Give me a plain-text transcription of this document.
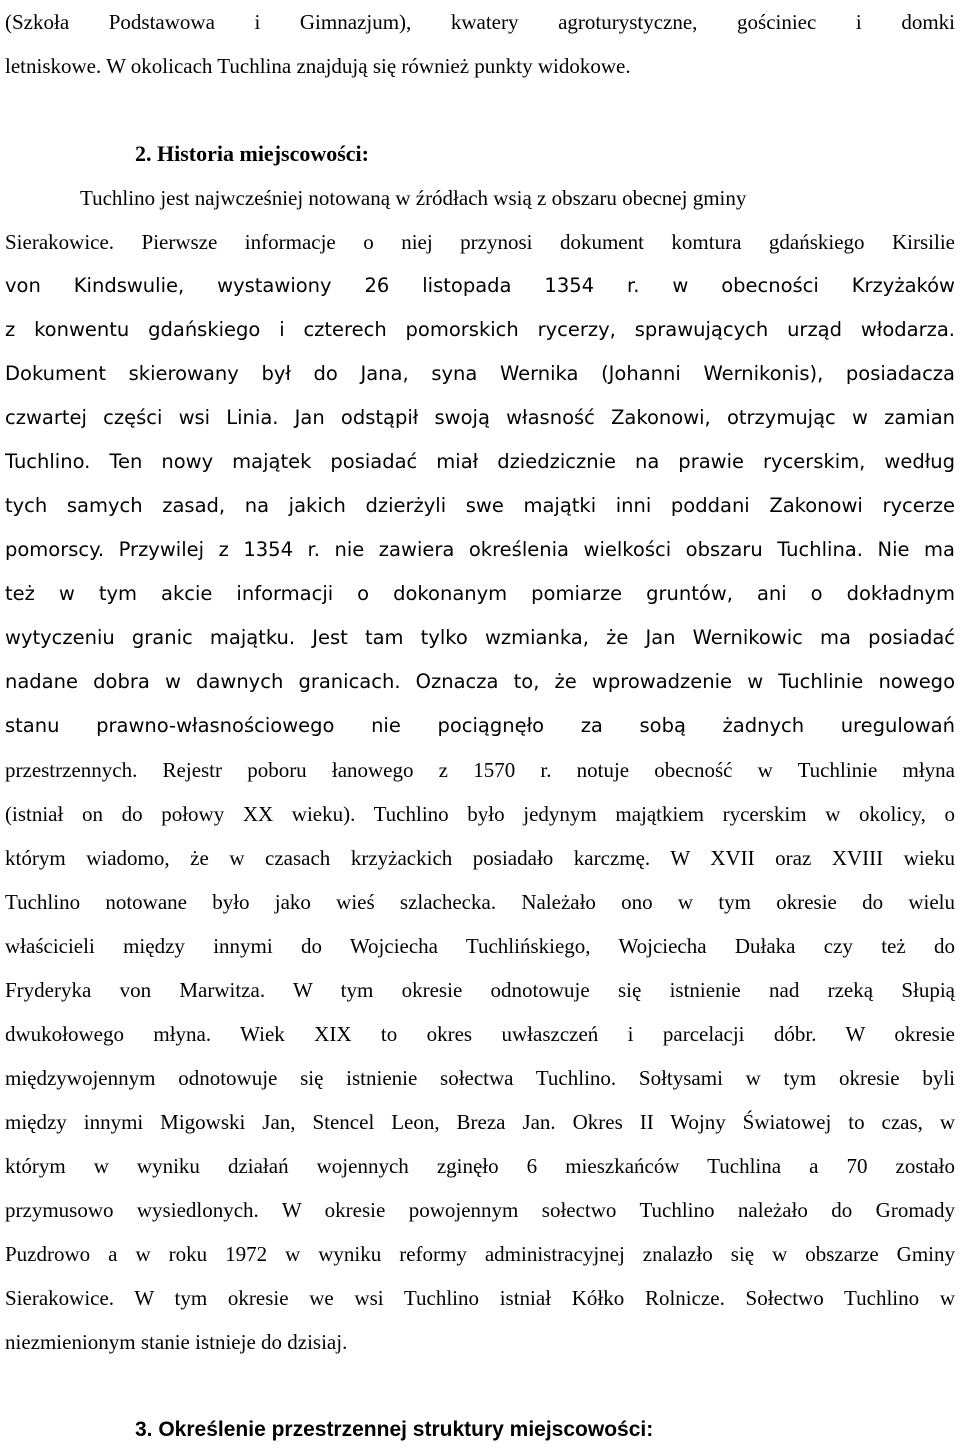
(Szkoła Podstawowa i Gimnazjum), kwatery agroturystyczne, gościniec i domki
letniskowe. W okolicach Tuchlina znajdują się również punkty widokowe.
2. Historia miejscowości:
Tuchlino jest najwcześniej notowaną w źródłach wsią z obszaru obecnej gminy
Sierakowice. Pierwsze informacje o niej przynosi dokument komtura gdańskiego Kirsilie
von Kindswulie, wystawiony 26 listopada 1354 r. w obecności Krzyżaków
z konwentu gdańskiego i czterech pomorskich rycerzy, sprawujących urząd włodarza.
Dokument skierowany był do Jana, syna Wernika (Johanni Wernikonis), posiadacza
czwartej części wsi Linia. Jan odstąpił swoją własność Zakonowi, otrzymując w zamian
Tuchlino. Ten nowy majątek posiadać miał dziedzicznie na prawie rycerskim, według
tych samych zasad, na jakich dzierżyli swe majątki inni poddani Zakonowi rycerze
pomorscy. Przywilej z 1354 r. nie zawiera określenia wielkości obszaru Tuchlina. Nie ma
też w tym akcie informacji o dokonanym pomiarze gruntów, ani o dokładnym
wytyczeniu granic majątku. Jest tam tylko wzmianka, że Jan Wernikowic ma posiadać
nadane dobra w dawnych granicach. Oznacza to, że wprowadzenie w Tuchlinie nowego
stanu prawno-własnościowego nie pociągnęło za sobą żadnych uregulowań
przestrzennych. Rejestr poboru łanowego z 1570 r. notuje obecność w Tuchlinie młyna
(istniał on do połowy XX wieku). Tuchlino było jedynym majątkiem rycerskim w okolicy, o
którym wiadomo, że w czasach krzyżackich posiadało karczmę. W XVII oraz XVIII wieku
Tuchlino notowane było jako wieś szlachecka. Należało ono w tym okresie do wielu
właścicieli między innymi do Wojciecha Tuchlińskiego, Wojciecha Dułaka czy też do
Fryderyka von Marwitza. W tym okresie odnotowuje się istnienie nad rzeką Słupią
dwukołowego młyna. Wiek XIX to okres uwłaszczeń i parcelacji dóbr. W okresie
międzywojennym odnotowuje się istnienie sołectwa Tuchlino. Sołtysami w tym okresie byli
między innymi Migowski Jan, Stencel Leon, Breza Jan. Okres II Wojny Światowej to czas, w
którym w wyniku działań wojennych zginęło 6 mieszkańców Tuchlina a 70 zostało
przymusowo wysiedlonych. W okresie powojennym sołectwo Tuchlino należało do Gromady
Puzdrowo a w roku 1972 w wyniku reformy administracyjnej znalazło się w obszarze Gminy
Sierakowice. W tym okresie we wsi Tuchlino istniał Kółko Rolnicze. Sołectwo Tuchlino w
niezmienionym stanie istnieje do dzisiaj.
3. Określenie przestrzennej struktury miejscowości:
